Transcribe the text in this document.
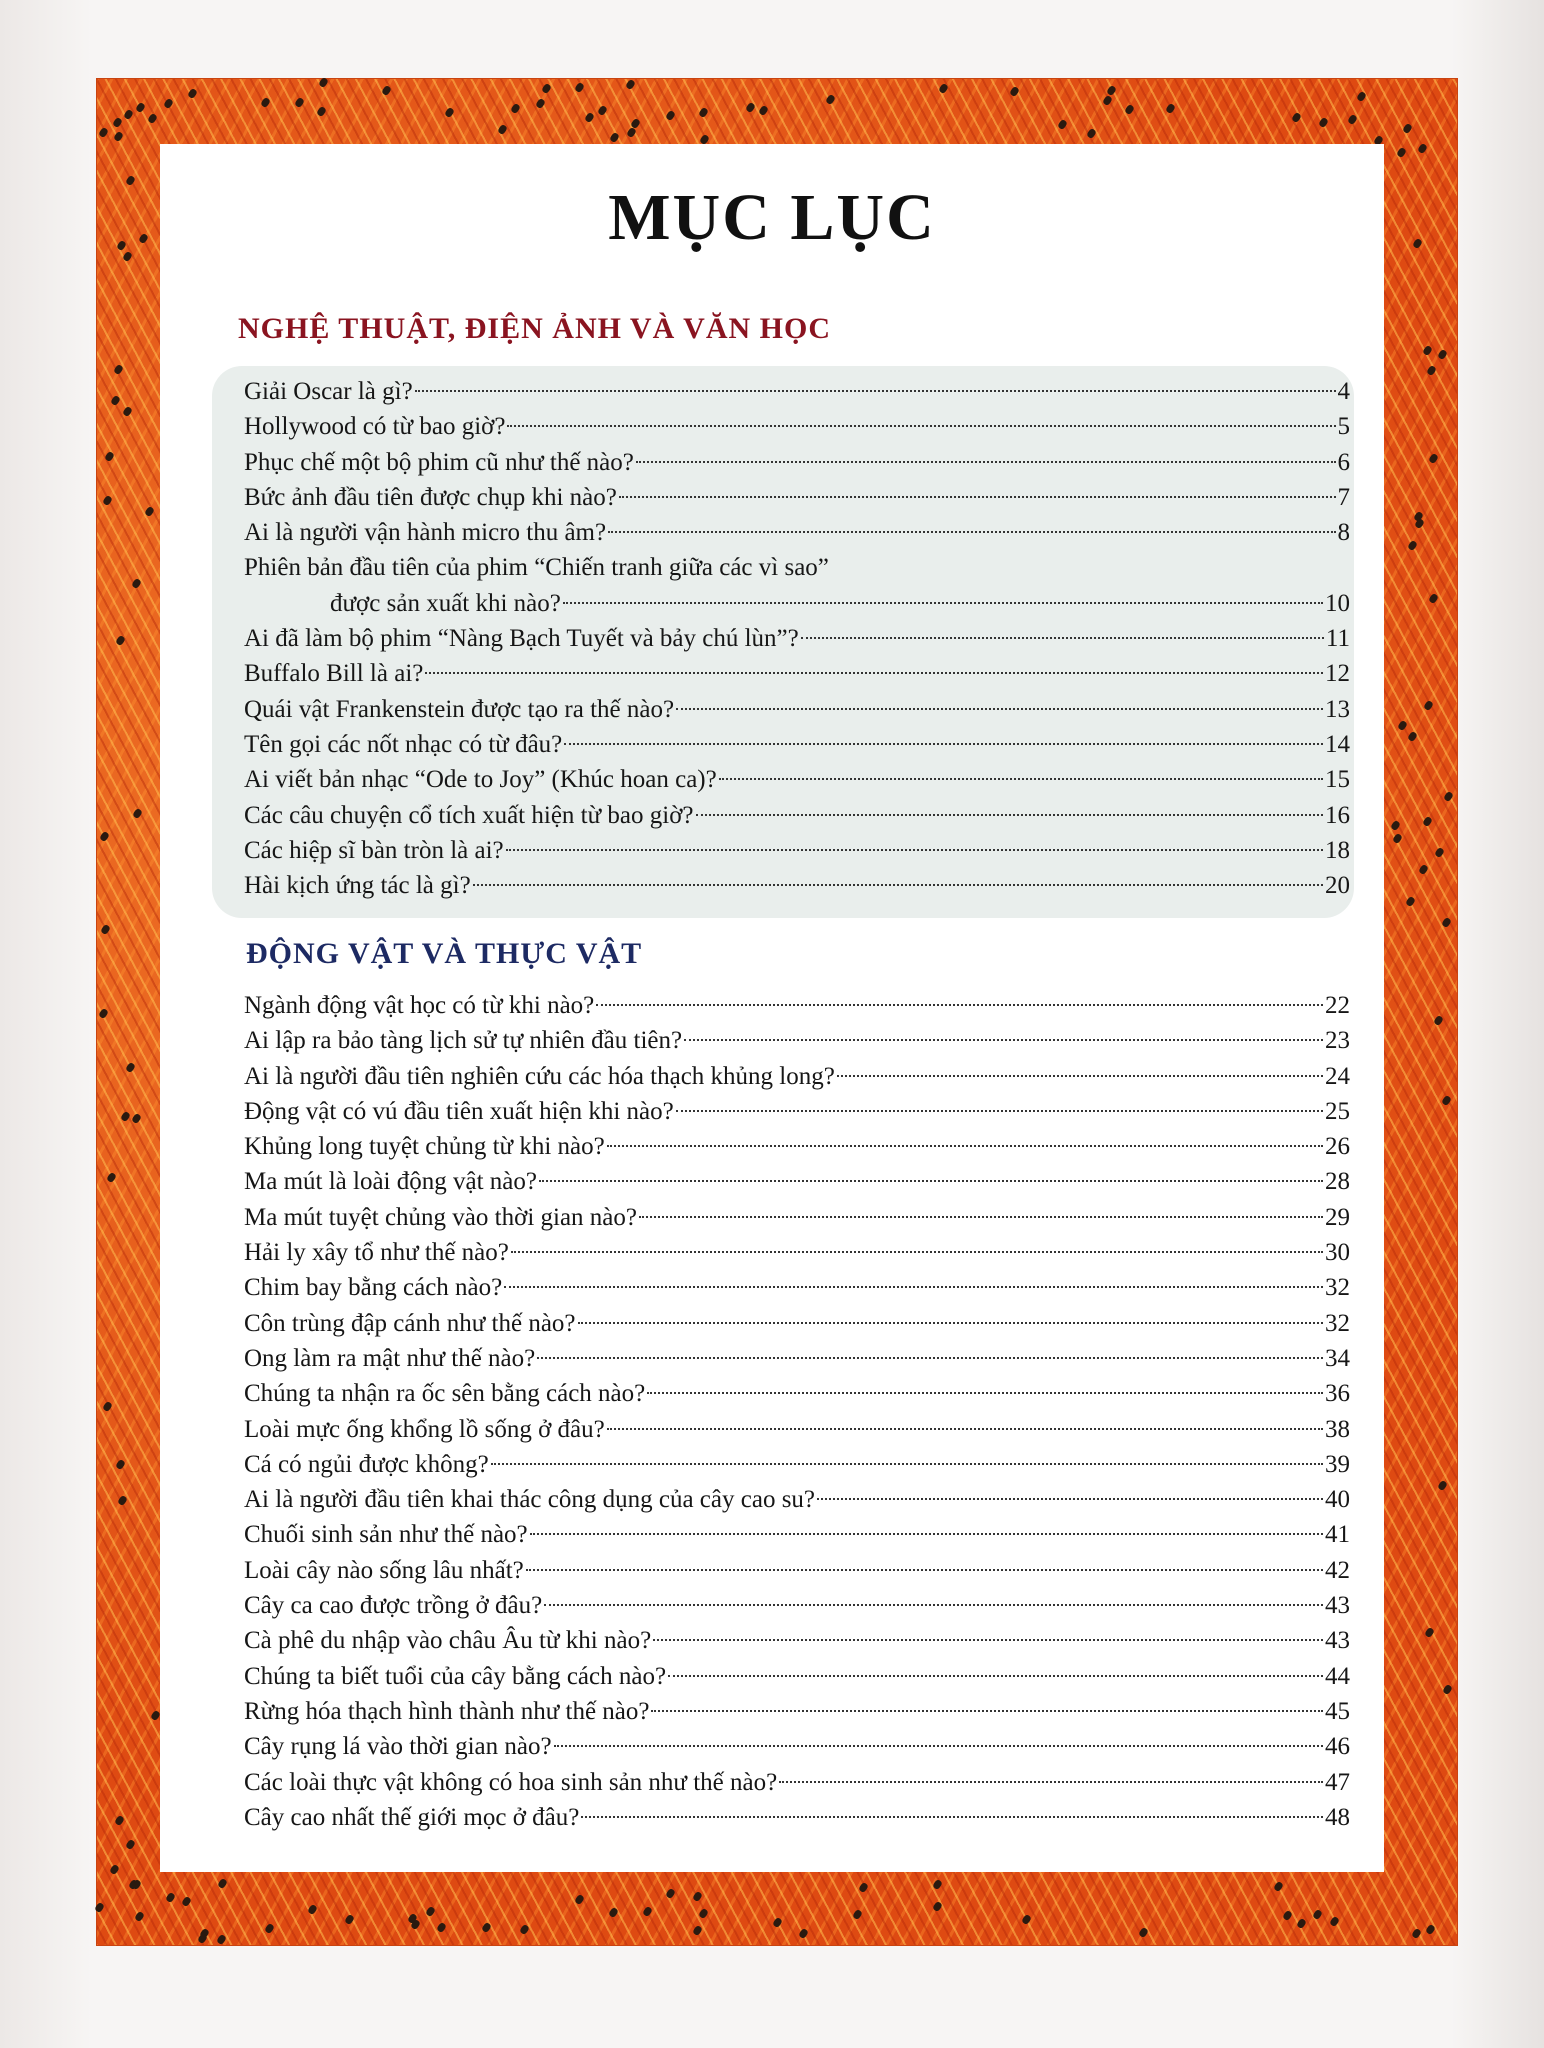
MỤC LỤC
NGHỆ THUẬT, ĐIỆN ẢNH VÀ VĂN HỌC
Giải Oscar là gì?	4
Hollywood có từ bao giờ?	5
Phục chế một bộ phim cũ như thế nào?	6
Bức ảnh đầu tiên được chụp khi nào?	7
Ai là người vận hành micro thu âm?	8
Phiên bản đầu tiên của phim “Chiến tranh giữa các vì sao”
được sản xuất khi nào?	10
Ai đã làm bộ phim “Nàng Bạch Tuyết và bảy chú lùn”?	11
Buffalo Bill là ai?	12
Quái vật Frankenstein được tạo ra thế nào?	13
Tên gọi các nốt nhạc có từ đâu?	14
Ai viết bản nhạc “Ode to Joy” (Khúc hoan ca)?	15
Các câu chuyện cổ tích xuất hiện từ bao giờ?	16
Các hiệp sĩ bàn tròn là ai?	18
Hài kịch ứng tác là gì?	20
ĐỘNG VẬT VÀ THỰC VẬT
Ngành động vật học có từ khi nào?	22
Ai lập ra bảo tàng lịch sử tự nhiên đầu tiên?	23
Ai là người đầu tiên nghiên cứu các hóa thạch khủng long?	24
Động vật có vú đầu tiên xuất hiện khi nào?	25
Khủng long tuyệt chủng từ khi nào?	26
Ma mút là loài động vật nào?	28
Ma mút tuyệt chủng vào thời gian nào?	29
Hải ly xây tổ như thế nào?	30
Chim bay bằng cách nào?	32
Côn trùng đập cánh như thế nào?	32
Ong làm ra mật như thế nào?	34
Chúng ta nhận ra ốc sên bằng cách nào?	36
Loài mực ống khổng lồ sống ở đâu?	38
Cá có ngủi được không?	39
Ai là người đầu tiên khai thác công dụng của cây cao su?	40
Chuối sinh sản như thế nào?	41
Loài cây nào sống lâu nhất?	42
Cây ca cao được trồng ở đâu?	43
Cà phê du nhập vào châu Âu từ khi nào?	43
Chúng ta biết tuổi của cây bằng cách nào?	44
Rừng hóa thạch hình thành như thế nào?	45
Cây rụng lá vào thời gian nào?	46
Các loài thực vật không có hoa sinh sản như thế nào?	47
Cây cao nhất thế giới mọc ở đâu?	48
